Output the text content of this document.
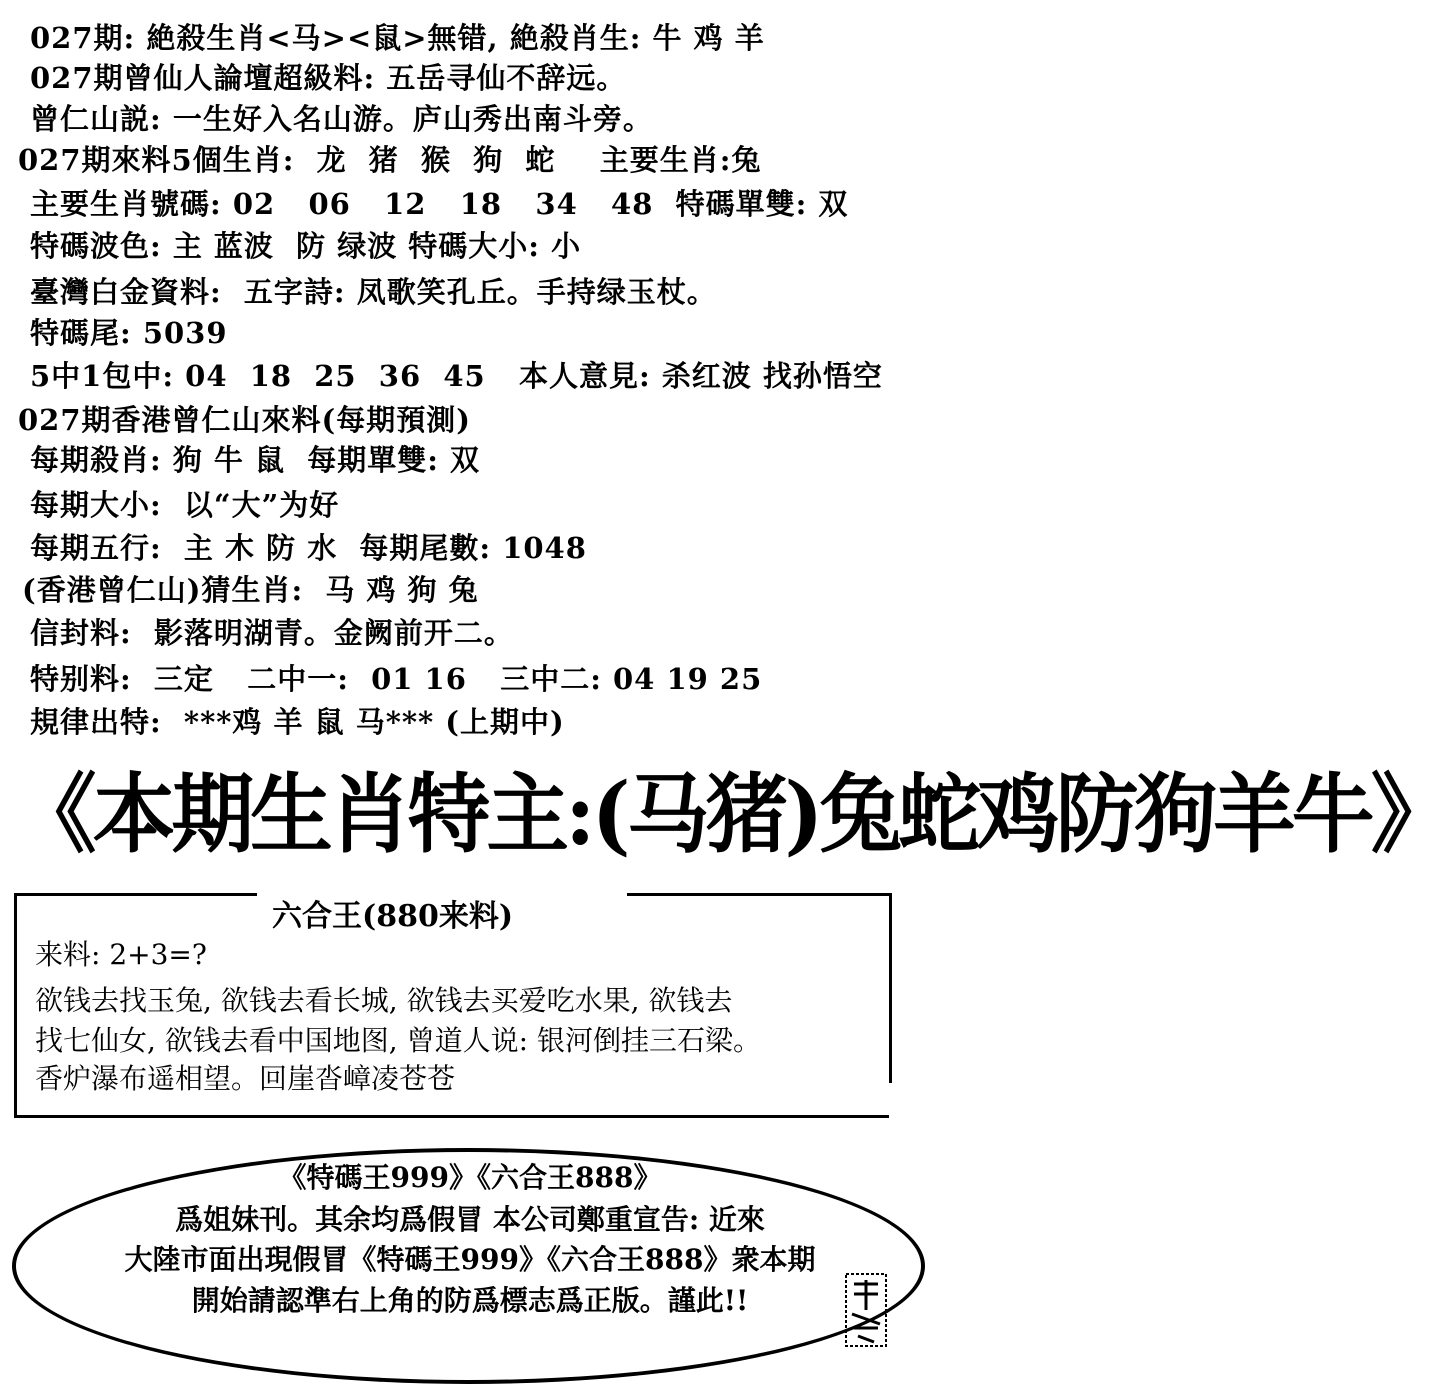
027期: 絶殺生肖<马><鼠>無错, 絶殺肖生: 牛 鸡 羊
027期曾仙人論壇超級料: 五岳寻仙不辞远。
曾仁山説: 一生好入名山游。庐山秀出南斗旁。
027期來料5個生肖:  龙  猪  猴  狗  蛇    主要生肖:兔
主要生肖號碼: 02   06   12   18   34   48  特碼單雙: 双
特碼波色: 主 蓝波  防 绿波 特碼大小: 小
臺灣白金資料:  五字詩: 凤歌笑孔丘。手持绿玉杖。
特碼尾: 5039
5中1包中: 04  18  25  36  45   本人意見: 杀红波 找孙悟空
027期香港曾仁山來料(每期預測)
每期殺肖: 狗 牛 鼠  每期單雙: 双
每期大小:  以“大”为好
每期五行:  主 木 防 水  每期尾數: 1048
(香港曾仁山)猜生肖:  马 鸡 狗 兔
信封料:  影落明湖青。金阙前开二。
特别料:  三定   二中一:  01 16   三中二: 04 19 25
規律出特:  ***鸡 羊 鼠 马*** (上期中)
《本期生肖特主:(马猪)兔蛇鸡防狗羊牛》
六合王(880来料)
来料: 2+3=?
欲钱去找玉兔, 欲钱去看长城, 欲钱去买爱吃水果, 欲钱去
找七仙女, 欲钱去看中国地图, 曾道人说: 银河倒挂三石梁。
香炉瀑布遥相望。回崖沓嶂凌苍苍
《特碼王999》《六合王888》
爲姐妹刊。其余均爲假冒 本公司鄭重宣告: 近來
大陸市面出現假冒《特碼王999》《六合王888》衆本期
開始請認準右上角的防爲標志爲正版。謹此!!
